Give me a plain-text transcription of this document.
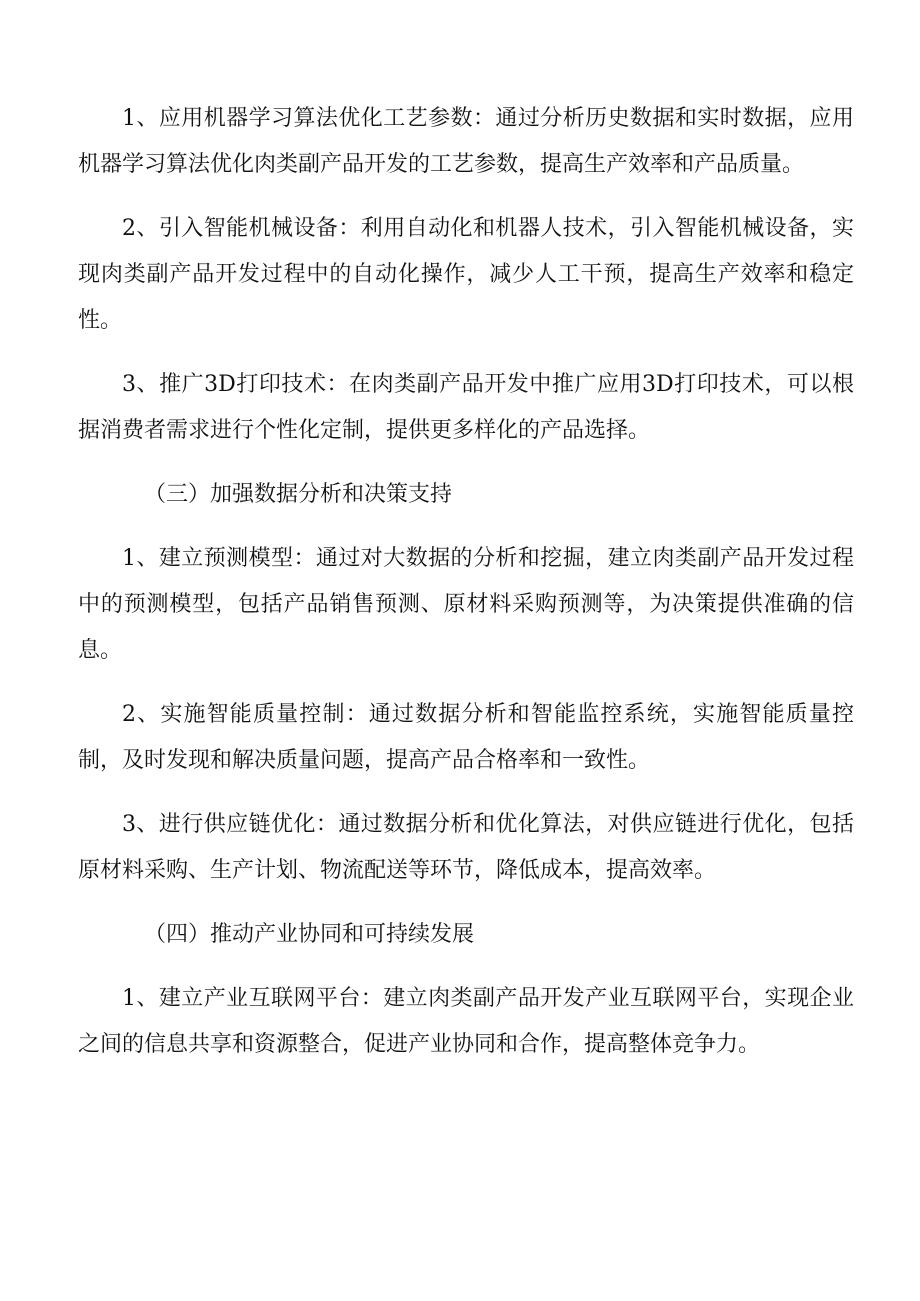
1、应用机器学习算法优化工艺参数：通过分析历史数据和实时数据，应用机器学习算法优化肉类副产品开发的工艺参数，提高生产效率和产品质量。

2、引入智能机械设备：利用自动化和机器人技术，引入智能机械设备，实现肉类副产品开发过程中的自动化操作，减少人工干预，提高生产效率和稳定性。

3、推广3D打印技术：在肉类副产品开发中推广应用3D打印技术，可以根据消费者需求进行个性化定制，提供更多样化的产品选择。

（三）加强数据分析和决策支持

1、建立预测模型：通过对大数据的分析和挖掘，建立肉类副产品开发过程中的预测模型，包括产品销售预测、原材料采购预测等，为决策提供准确的信息。

2、实施智能质量控制：通过数据分析和智能监控系统，实施智能质量控制，及时发现和解决质量问题，提高产品合格率和一致性。

3、进行供应链优化：通过数据分析和优化算法，对供应链进行优化，包括原材料采购、生产计划、物流配送等环节，降低成本，提高效率。

（四）推动产业协同和可持续发展

1、建立产业互联网平台：建立肉类副产品开发产业互联网平台，实现企业之间的信息共享和资源整合，促进产业协同和合作，提高整体竞争力。
